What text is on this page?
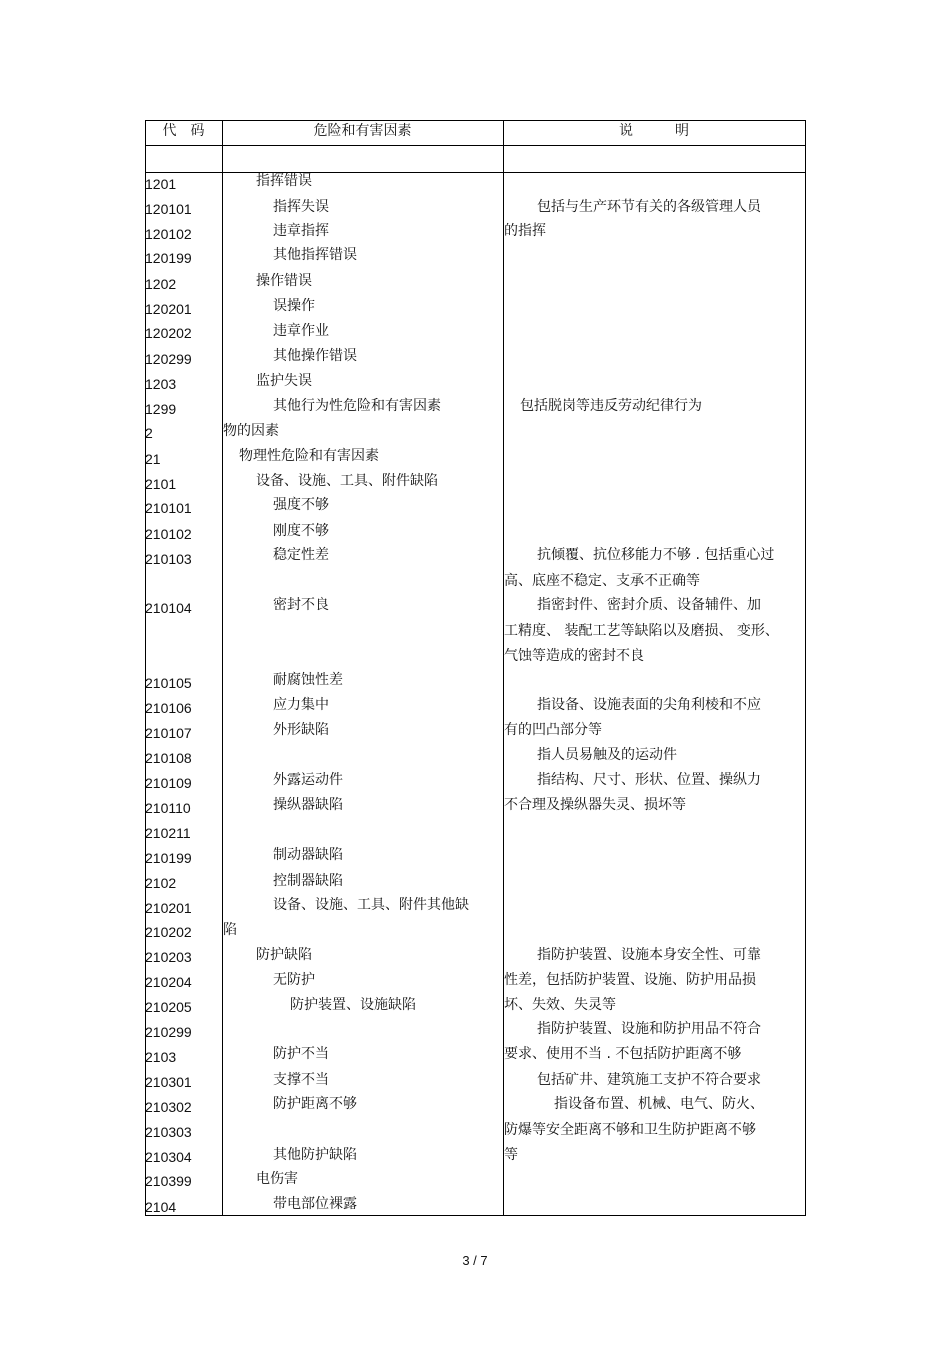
代　码	危险和有害因素	说　　　明
1201
120101
120102
120199
1202
120201
120202
120299
1203
1299
2
21
2101
210101
210102
210103
210104
210105
210106
210107
210108
210109
210110
210211
210199
2102
210201
210202
210203
210204
210205
210299
2103
210301
210302
210303
210304
210399
2104
指挥错误
指挥失误
违章指挥
其他指挥错误
操作错误
误操作
违章作业
其他操作错误
监护失误
其他行为性危险和有害因素
物的因素
物理性危险和有害因素
设备、设施、工具、附件缺陷
强度不够
刚度不够
稳定性差
密封不良
耐腐蚀性差
应力集中
外形缺陷
外露运动件
操纵器缺陷
制动器缺陷
控制器缺陷
设备、设施、工具、附件其他缺
陷
防护缺陷
无防护
防护装置、设施缺陷
防护不当
支撑不当
防护距离不够
其他防护缺陷
电伤害
带电部位裸露
包括与生产环节有关的各级管理人员
的指挥
包括脱岗等违反劳动纪律行为
抗倾覆、抗位移能力不够 . 包括重心过
高、底座不稳定、支承不正确等
指密封件、密封介质、设备辅件、加
工精度、 装配工艺等缺陷以及磨损、 变形、
气蚀等造成的密封不良
指设备、设施表面的尖角利棱和不应
有的凹凸部分等
指人员易触及的运动件
指结构、尺寸、形状、位置、操纵力
不合理及操纵器失灵、损坏等
指防护装置、设施本身安全性、可靠
性差，包括防护装置、设施、防护用品损
坏、失效、失灵等
指防护装置、设施和防护用品不符合
要求、使用不当 . 不包括防护距离不够
包括矿井、建筑施工支护不符合要求
指设备布置、机械、电气、防火、
防爆等安全距离不够和卫生防护距离不够
等
3 / 7
